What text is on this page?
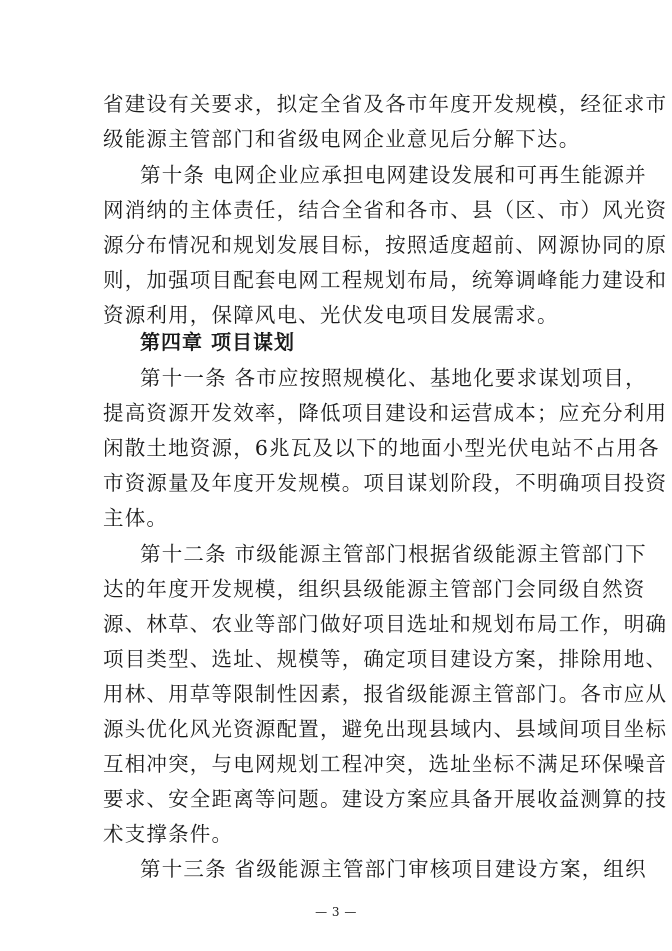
省建设有关要求，拟定全省及各市年度开发规模，经征求市
级能源主管部门和省级电网企业意见后分解下达。
第十条 电网企业应承担电网建设发展和可再生能源并
网消纳的主体责任，结合全省和各市、县（区、市）风光资
源分布情况和规划发展目标，按照适度超前、网源协同的原
则，加强项目配套电网工程规划布局，统筹调峰能力建设和
资源利用，保障风电、光伏发电项目发展需求。
第四章 项目谋划
第十一条 各市应按照规模化、基地化要求谋划项目，
提高资源开发效率，降低项目建设和运营成本；应充分利用
闲散土地资源，6兆瓦及以下的地面小型光伏电站不占用各
市资源量及年度开发规模。项目谋划阶段，不明确项目投资
主体。
第十二条 市级能源主管部门根据省级能源主管部门下
达的年度开发规模，组织县级能源主管部门会同级自然资
源、林草、农业等部门做好项目选址和规划布局工作，明确
项目类型、选址、规模等，确定项目建设方案，排除用地、
用林、用草等限制性因素，报省级能源主管部门。各市应从
源头优化风光资源配置，避免出现县域内、县域间项目坐标
互相冲突，与电网规划工程冲突，选址坐标不满足环保噪音
要求、安全距离等问题。建设方案应具备开展收益测算的技
术支撑条件。
第十三条 省级能源主管部门审核项目建设方案，组织
— 3 —
